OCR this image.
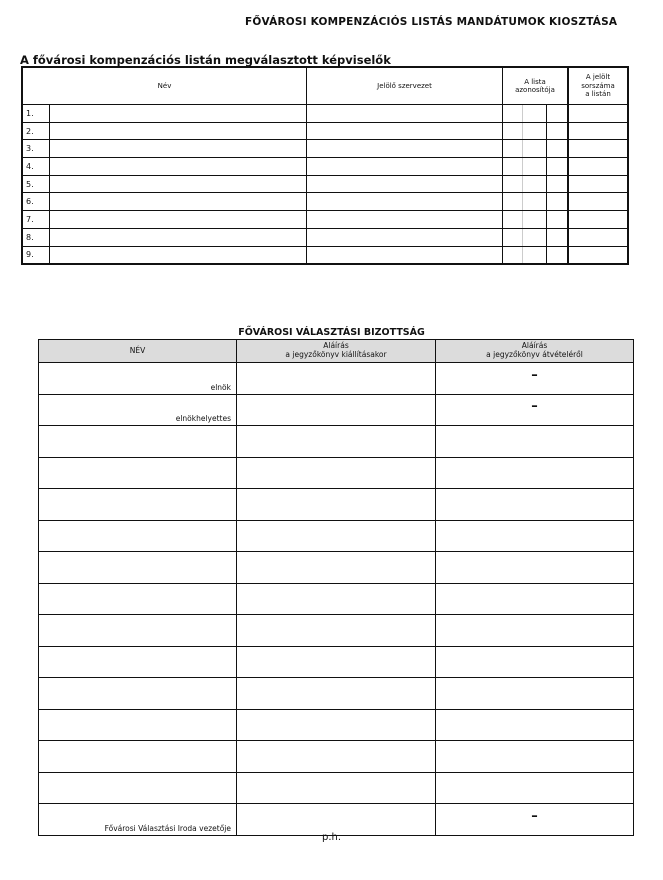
FŐVÁROSI KOMPENZÁCIÓS LISTÁS MANDÁTUMOK KIOSZTÁSA
A fővárosi kompenzációs listán megválasztott képviselők
Név	Jelölő szervezet
A lista
azonosítója
A jelölt
sorszáma
a listán
1.
2.
3.
4.
5.
6.
7.
8.
9.
FŐVÁROSI VÁLASZTÁSI BIZOTTSÁG
NÉV	Aláírás
a jegyzőkönyv kiállításakor
Aláírás
a jegyzőkönyv átvételéről
elnök
–
elnökhelyettes
–
Fővárosi Választási Iroda vezetője
–
p.h.
